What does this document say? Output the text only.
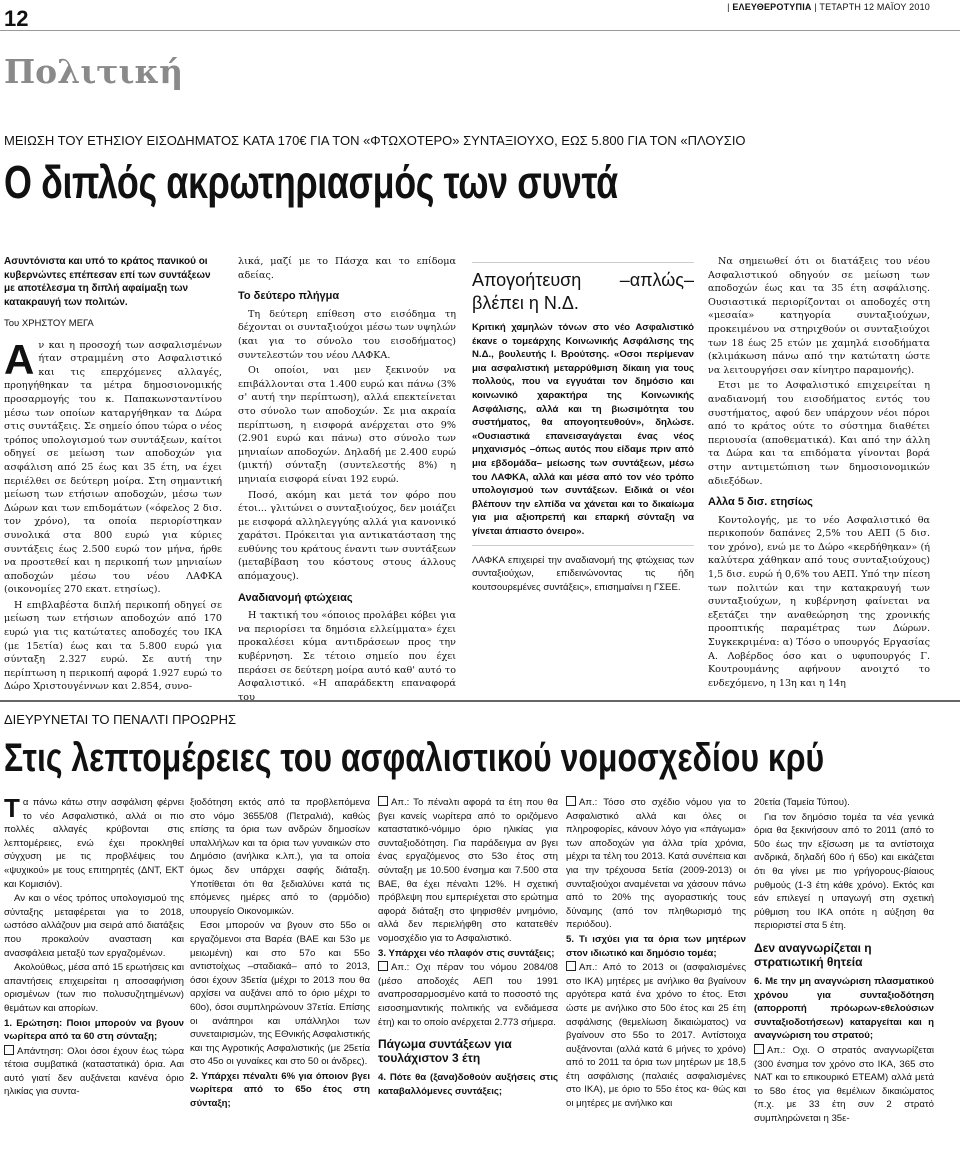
12	| ΕΛΕΥΘΕΡΟΤΥΠΙΑ | ΤΕΤΑΡΤΗ 12 ΜΑΪΟΥ 2010
Πολιτική
ΜΕΙΩΣΗ ΤΟΥ ΕΤΗΣΙΟΥ ΕΙΣΟΔΗΜΑΤΟΣ ΚΑΤΑ 170€ ΓΙΑ ΤΟΝ «ΦΤΩΧΟΤΕΡΟ» ΣΥΝΤΑΞΙΟΥΧΟ, ΕΩΣ 5.800 ΓΙΑ ΤΟΝ «ΠΛΟΥΣΙΟ
Ο διπλός ακρωτηριασμός των συντά
Ασυντόνιστα και υπό το κράτος πανικού οι κυβερνώντες επέπεσαν επί των συντάξεων με αποτέλεσμα τη διπλή αφαίμαξη των κατακραυγή των πολιτών.
Του ΧΡΗΣΤΟΥ ΜΕΓΑ

Αν και η προσοχή των ασφαλισμένων ήταν στραμμένη στο Ασφαλιστικό και τις επερχόμενες αλλαγές, προηγήθηκαν τα μέτρα δημοσιονομικής προσαρμογής του κ. Παπακωνσταντίνου μέσω των οποίων καταργήθηκαν τα Δώρα στις συντάξεις. Σε σημείο όπου τώρα ο νέος τρόπος υπολογισμού των συντάξεων, καίτοι οδηγεί σε μείωση των αποδοχών για ασφάλιση από 25 έως και 35 έτη, να έχει περιέλθει σε δεύτερη μοίρα. Στη σημαντική μείωση των ετήσιων αποδοχών, μέσω των Δώρων και των επιδομάτων («όφελος 2 δισ. τον χρόνο), τα οποία περιορίστηκαν συνολικά στα 800 ευρώ για κύριες συντάξεις έως 2.500 ευρώ τον μήνα, ήρθε να προστεθεί και η περικοπή των μηνιαίων αποδοχών μέσω του νέου ΛΑΦΚΑ (οικονομίες 270 εκατ. ετησίως).

Η επιβλαβέστα διπλή περικοπή οδηγεί σε μείωση των ετήσιων αποδοχών από 170 ευρώ για τις κατώτατες αποδοχές του ΙΚΑ (με 15ετία) έως και τα 5.800 ευρώ για σύνταξη 2.327 ευρώ. Σε αυτή την περίπτωση η περικοπή αφορά 1.927 ευρώ το Δώρο Χριστουγέννων και 2.854, συνο-

λικά, μαζί με το Πάσχα και το επίδομα αδείας.

Το δεύτερο πλήγμα

Τη δεύτερη επίθεση στο εισόδημα τη δέχονται οι συνταξιούχοι μέσω των υψηλών (και για το σύνολο του εισοδήματος) συντελεστών του νέου ΛΑΦΚΑ.

Οι οποίοι, ναι μεν ξεκινούν να επιβάλλονται στα 1.400 ευρώ και πάνω (3% σ' αυτή την περίπτωση), αλλά επεκτείνεται στο σύνολο των αποδοχών. Σε μια ακραία περίπτωση, η εισφορά ανέρχεται στο 9% (2.901 ευρώ και πάνω) στο σύνολο των μηνιαίων αποδοχών. Δηλαδή με 2.400 ευρώ (μικτή) σύνταξη (συντελεστής 8%) η μηνιαία εισφορά είναι 192 ευρώ.

Ποσό, ακόμη και μετά τον φόρο που έτοι... γλιτώνει ο συνταξιούχος, δεν μοιάζει με εισφορά αλληλεγγύης αλλά για κανονικό χαράτσι. Πρόκειται για αντικατάσταση της ευθύνης του κράτους έναντι των συντάξεων (μεταβίβαση του κόστους στους άλλους απόμαχους).

Αναδιανομή φτώχειας

Η τακτική του «όποιος προλάβει κόβει για να περιορίσει τα δημόσια ελλείμματα» έχει προκαλέσει κύμα αντιδράσεων προς την κυβέρνηση. Σε τέτοιο σημείο που έχει περάσει σε δεύτερη μοίρα αυτό καθ' αυτό το Ασφαλιστικό. «Η απαράδεκτη επαναφορά του

Απογοήτευση –απλώς– βλέπει η Ν.Δ.
Κριτική χαμηλών τόνων στο νέο Ασφαλιστικό έκανε ο τομεάρχης Κοινωνικής Ασφάλισης της Ν.Δ., βουλευτής Ι. Βρούτσης. «Οσοι περίμεναν μια ασφαλιστική μεταρρύθμιση δίκαιη για τους πολλούς, που να εγγυάται τον δημόσιο και κοινωνικό χαρακτήρα της Κοινωνικής Ασφάλισης, αλλά και τη βιωσιμότητα του συστήματος, θα απογοητευθούν», δηλώσε. «Ουσιαστικά επανεισαγάγεται ένας νέος μηχανισμός –όπως αυτός που είδαμε πριν από μια εβδομάδα– μείωσης των συντάξεων, μέσω του ΛΑΦΚΑ, αλλά και μέσα από τον νέο τρόπο υπολογισμού των συντάξεων. Ειδικά οι νέοι βλέπουν την ελπίδα να χάνεται και το δικαίωμα για μια αξιοπρεπή και επαρκή σύνταξη να γίνεται άπιαστο όνειρο».

ΛΑΦΚΑ επιχειρεί την αναδιανομή της φτώχειας των συνταξιούχων, επιδεινώνοντας τις ήδη κουτσουρεμένες συντάξεις», επισημαίνει η ΓΣΕΕ.

Να σημειωθεί ότι οι διατάξεις του νέου Ασφαλιστικού οδηγούν σε μείωση των αποδοχών έως και τα 35 έτη ασφάλισης. Ουσιαστικά περιορίζονται οι αποδοχές στη «μεσαία» κατηγορία συνταξιούχων, προκειμένου να στηριχθούν οι συνταξιούχοι των 18 έως 25 ετών με χαμηλά εισοδήματα (κλιμάκωση πάνω από την κατώτατη ώστε να λειτουργήσει σαν κίνητρο παραμονής).

Ετσι με το Ασφαλιστικό επιχειρείται η αναδιανομή του εισοδήματος εντός του συστήματος, αφού δεν υπάρχουν νέοι πόροι από το κράτος ούτε το σύστημα διαθέτει περιουσία (αποθεματικά). Και από την άλλη τα Δώρα και τα επιδόματα γίνονται βορά στην αντιμετώπιση των δημοσιονομικών αδιεξόδων.

Αλλα 5 δισ. ετησίως

Κοντολογής, με το νέο Ασφαλιστικό θα περικοπούν δαπάνες 2,5% του ΑΕΠ (5 δισ. τον χρόνο), ενώ με το Δώρο «κερδήθηκαν» (ή καλύτερα χάθηκαν από τους συνταξιούχους) 1,5 δισ. ευρώ ή 0,6% του ΑΕΠ. Υπό την πίεση των πολιτών και την κατακραυγή των συνταξιούχων, η κυβέρνηση φαίνεται να εξετάζει την αναθεώρηση της χρονικής προοπτικής παραμέτρας των Δώρων. Συγκεκριμένα: α) Τόσο ο υπουργός Εργασίας Α. Λοβέρδος όσο και ο υφυπουργός Γ. Κουτρουμάνης αφήνουν ανοιχτό το ενδεχόμενο, η 13η και η 14η

ΔΙΕΥΡΥΝΕΤΑΙ ΤΟ ΠΕΝΑΛΤΙ ΠΡΟΩΡΗΣ
Στις λεπτομέρειες του ασφαλιστικού νομοσχεδίου κρύ

Τα πάνω κάτω στην ασφάλιση φέρνει το νέο Ασφαλιστικό, αλλά οι πιο πολλές αλλαγές κρύβονται στις λεπτομέρειες, ενώ έχει προκληθεί σύγχυση με τις προβλέψεις του «ψυχικού» με τους επιτηρητές (ΔΝΤ, ΕΚΤ και Κομισιόν).

Αν και ο νέος τρόπος υπολογισμού της σύνταξης μεταφέρεται για το 2018, ωστόσο αλλάζουν μια σειρά από διατάξεις που προκαλούν ανασταση και ανασφάλεια μεταξύ των εργαζομένων.

Ακολούθως, μέσα από 15 ερωτήσεις και απαντήσεις επιχειρείται η αποσαφήνιση ορισμένων (των πιο πολυσυζητημένων) θεμάτων και απορίων.

1. Ερώτηση: Ποιοι μπορούν να βγουν νωρίτερα από τα 60 στη σύνταξη;

Απάντηση: Ολοι όσοι έχουν έως τώρα τέτοια συμβατικά (καταστατικά) όρια. Ααι αυτό γιατί δεν αυξάνεται κανένα όριο ηλικίας για συντα-

ξιοδότηση εκτός από τα προβλεπόμενα στο νόμο 3655/08 (Πετραλιά), καθώς επίσης τα όρια των ανδρών δημοσίων υπαλλήλων και τα όρια των γυναικών στο Δημόσιο (ανήλικα κ.λπ.), για τα οποία όμως δεν υπάρχει σαφής διάταξη. Υποτίθεται ότι θα ξεδιαλύνει κατά τις επόμενες ημέρες από το (αρμόδιο) υπουργείο Οικονομικών.

Εσοι μπορούν να βγουν στο 55ο οι εργαζόμενοι στα Βαρέα (ΒΑΕ και 53ο με μειωμένη) και στο 57ο και 55ο αντιστοίχως –σταδιακά– από το 2013, όσοι έχουν 35ετία (μέχρι το 2013 που θα αρχίσει να αυξάνει από το όριο μέχρι το 60ο), όσοι συμπληρώνουν 37ετία. Επίσης οι ανάπηροι και υπάλληλοι των συνεταιρισμών, της ΕΘνικής Ασφαλιστικής και της Αγροτικής Ασφαλιστικής (με 25ετία στο 45ο οι γυναίκες και στο 50 οι άνδρες).

2. Υπάρχει πέναλτι 6% για όποιον βγει νωρίτερα από το 65ο έτος στη σύνταξη;

Απ.: Το πέναλτι αφορά τα έτη που θα βγει κανείς νωρίτερα από το οριζόμενο καταστατικό-νόμιμο όριο ηλικίας για συνταξιοδότηση. Για παράδειγμα αν βγει ένας εργαζόμενος στο 53ο έτος στη σύνταξη με 10.500 ένσημα και 7.500 στα ΒΑΕ, θα έχει πέναλτι 12%. Η σχετική πρόβλεψη που εμπεριέχεται στο ερώτημα αφορά διάταξη στο ψηφισθέν μνημόνιο, αλλά δεν περιελήφθη στο κατατεθέν νομοσχέδιο για το Ασφαλιστικό.

3. Υπάρχει νέο πλαφόν στις συντάξεις;

Απ.: Οχι πέραν του νόμου 2084/08 (μέσο αποδοχές ΑΕΠ του 1991 αναπροσαρμοσμένο κατά το ποσοστό της εισοσημαντικής πολιτικής να ενδιάμεσα έτη) και το οποίο ανέρχεται 2.773 σήμερα.

Πάγωμα συντάξεων για τουλάχιστον 3 έτη

4. Πότε θα (ξανα)δοθούν αυξήσεις στις καταβαλλόμενες συντάξεις;

Απ.: Τόσο στο σχέδιο νόμου για το Ασφαλιστικό αλλά και όλες οι πληροφορίες, κάνουν λόγο για «πάγωμα» των αποδοχών για άλλα τρία χρόνια, μέχρι τα τέλη του 2013. Κατά συνέπεια και για την τρέχουσα 5ετία (2009-2013) οι συνταξιούχοι αναμένεται να χάσουν πάνω από το 20% της αγοραστικής τους δύναμης (από τον πληθωρισμό της περιόδου).

5. Τι ισχύει για τα όρια των μητέρων στον ιδιωτικό και δημόσιο τομέα;

Απ.: Από το 2013 οι (ασφαλισμένες στο ΙΚΑ) μητέρες με ανήλικο θα βγαίνουν αργότερα κατά ένα χρόνο το έτος. Ετσι ώστε με ανήλικο στο 50ο έτος και 25 έτη ασφάλισης (θεμελίωση δικαιώματος) να βγαίνουν στο 55ο το 2017. Αντίστοιχα αυξάνονται (αλλά κατά 6 μήνες το χρόνο) από το 2011 τα όρια των μητέρων με 18,5 έτη ασφάλισης (παλαιές ασφαλισμένες στο ΙΚΑ), με όριο το 55ο έτος κα- θώς και οι μητέρες με ανήλικο και

20ετία (Ταμεία Τύπου).

Για τον δημόσιο τομέα τα νέα γενικά όρια θα ξεκινήσουν από το 2011 (από το 50ο έως την εξίσωση με τα αντίστοιχα ανδρικά, δηλαδή 60ο ή 65ο) και εικάζεται ότι θα γίνει με πιο γρήγορους-βίαιους ρυθμούς (1-3 έτη κάθε χρόνο). Εκτός και εάν επιλεγεί η υπαγωγή στη σχετική ρύθμιση του ΙΚΑ οπότε η αύξηση θα περιοριστεί στα 5 έτη.

Δεν αναγνωρίζεται η στρατιωτική θητεία

6. Με την μη αναγνώριση πλασματικού χρόνου για συνταξιοδότηση (απορροπή πρόωρων-εθελούσιων συνταξιοδοτήσεων) καταργείται και η αναγνώριση του στρατού;

Απ.: Οχι. Ο στρατός αναγνωρίζεται (300 ένσημα τον χρόνο στο ΙΚΑ, 365 στο ΝΑΤ και το επικουρικό ΕΤΕΑΜ) αλλά μετά το 58ο έτος για θεμέλιων δικαιώματος (π.χ. με 33 έτη συν 2 στρατό συμπληρώνεται η 35ε-
